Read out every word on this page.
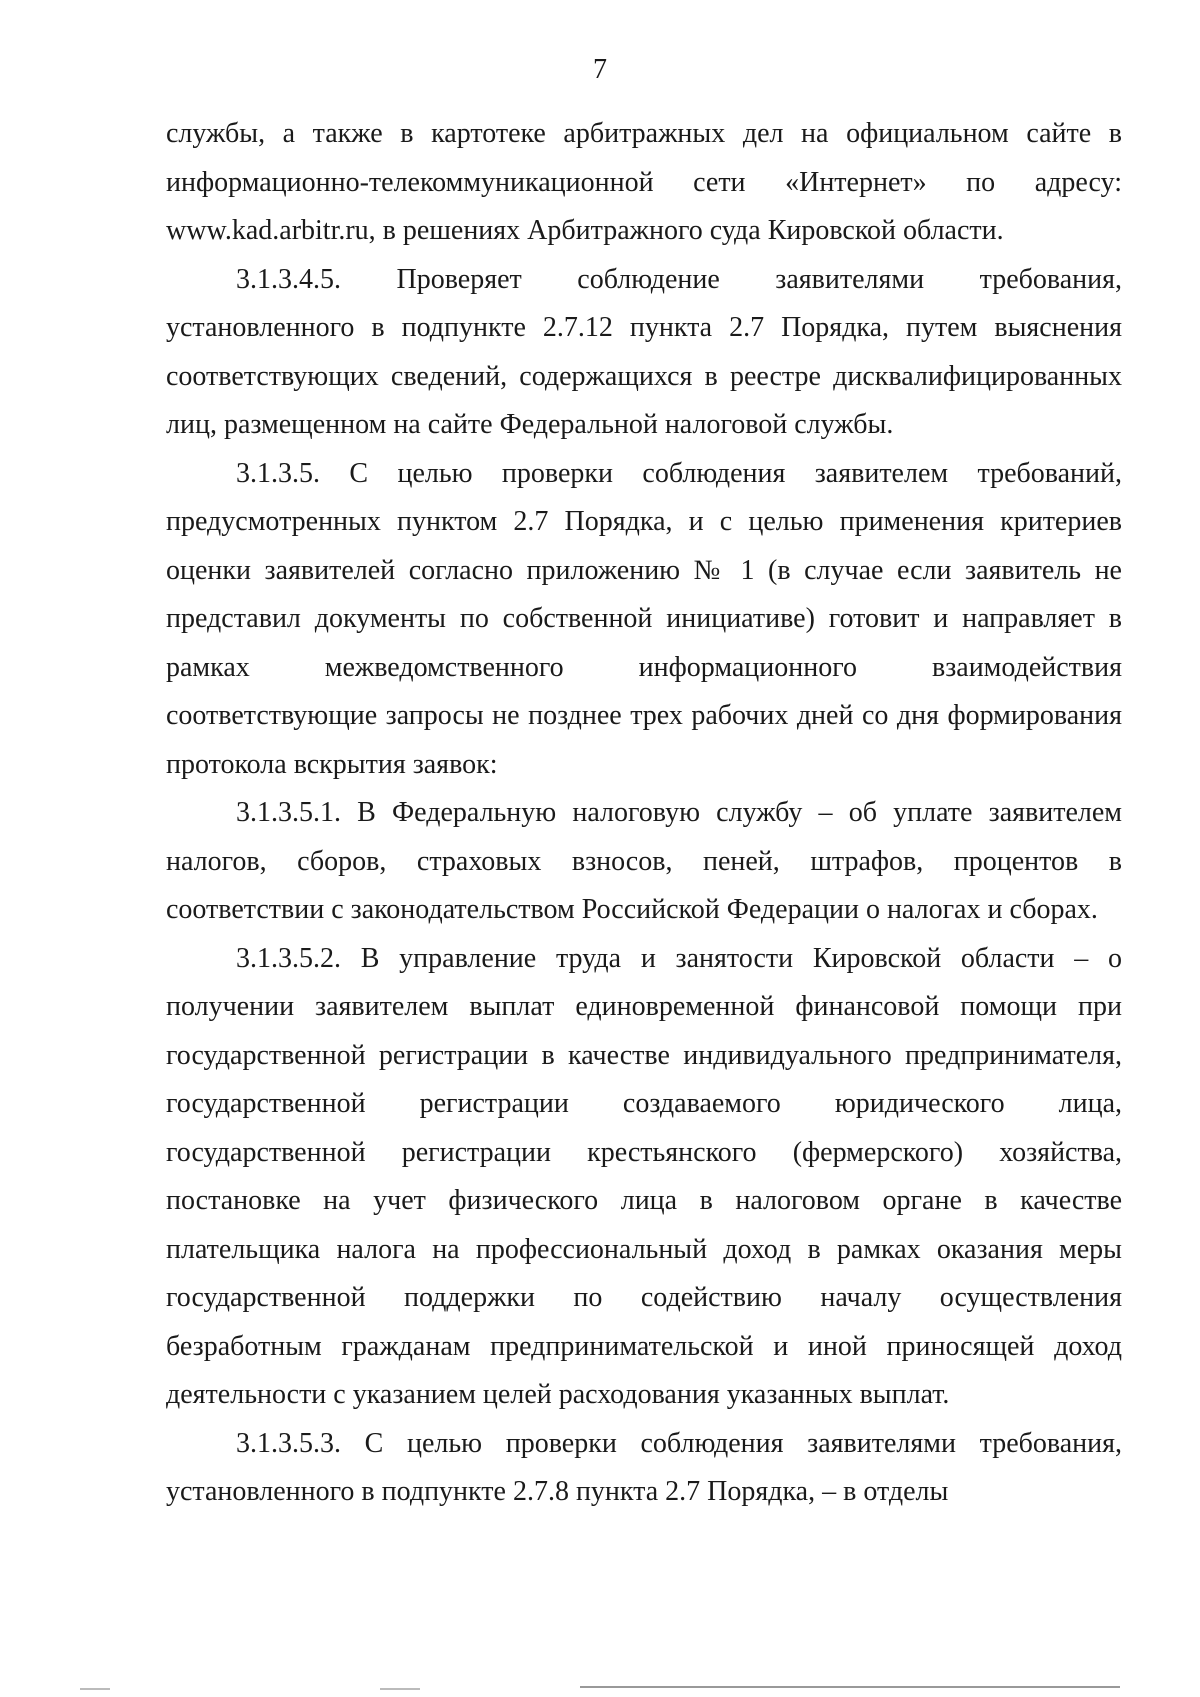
7

службы, а также в картотеке арбитражных дел на официальном сайте в информационно-телекоммуникационной сети «Интернет» по адресу: www.kad.arbitr.ru, в решениях Арбитражного суда Кировской области.

3.1.3.4.5. Проверяет соблюдение заявителями требования, установленного в подпункте 2.7.12 пункта 2.7 Порядка, путем выяснения соответствующих сведений, содержащихся в реестре дисквалифицированных лиц, размещенном на сайте Федеральной налоговой службы.

3.1.3.5. С целью проверки соблюдения заявителем требований, предусмотренных пунктом 2.7 Порядка, и с целью применения критериев оценки заявителей согласно приложению № 1 (в случае если заявитель не представил документы по собственной инициативе) готовит и направляет в рамках межведомственного информационного взаимодействия соответствующие запросы не позднее трех рабочих дней со дня формирования протокола вскрытия заявок:

3.1.3.5.1. В Федеральную налоговую службу – об уплате заявителем налогов, сборов, страховых взносов, пеней, штрафов, процентов в соответствии с законодательством Российской Федерации о налогах и сборах.

3.1.3.5.2. В управление труда и занятости Кировской области – о получении заявителем выплат единовременной финансовой помощи при государственной регистрации в качестве индивидуального предпринимателя, государственной регистрации создаваемого юридического лица, государственной регистрации крестьянского (фермерского) хозяйства, постановке на учет физического лица в налоговом органе в качестве плательщика налога на профессиональный доход в рамках оказания меры государственной поддержки по содействию началу осуществления безработным гражданам предпринимательской и иной приносящей доход деятельности с указанием целей расходования указанных выплат.

3.1.3.5.3. С целью проверки соблюдения заявителями требования, установленного в подпункте 2.7.8 пункта 2.7 Порядка, – в отделы
